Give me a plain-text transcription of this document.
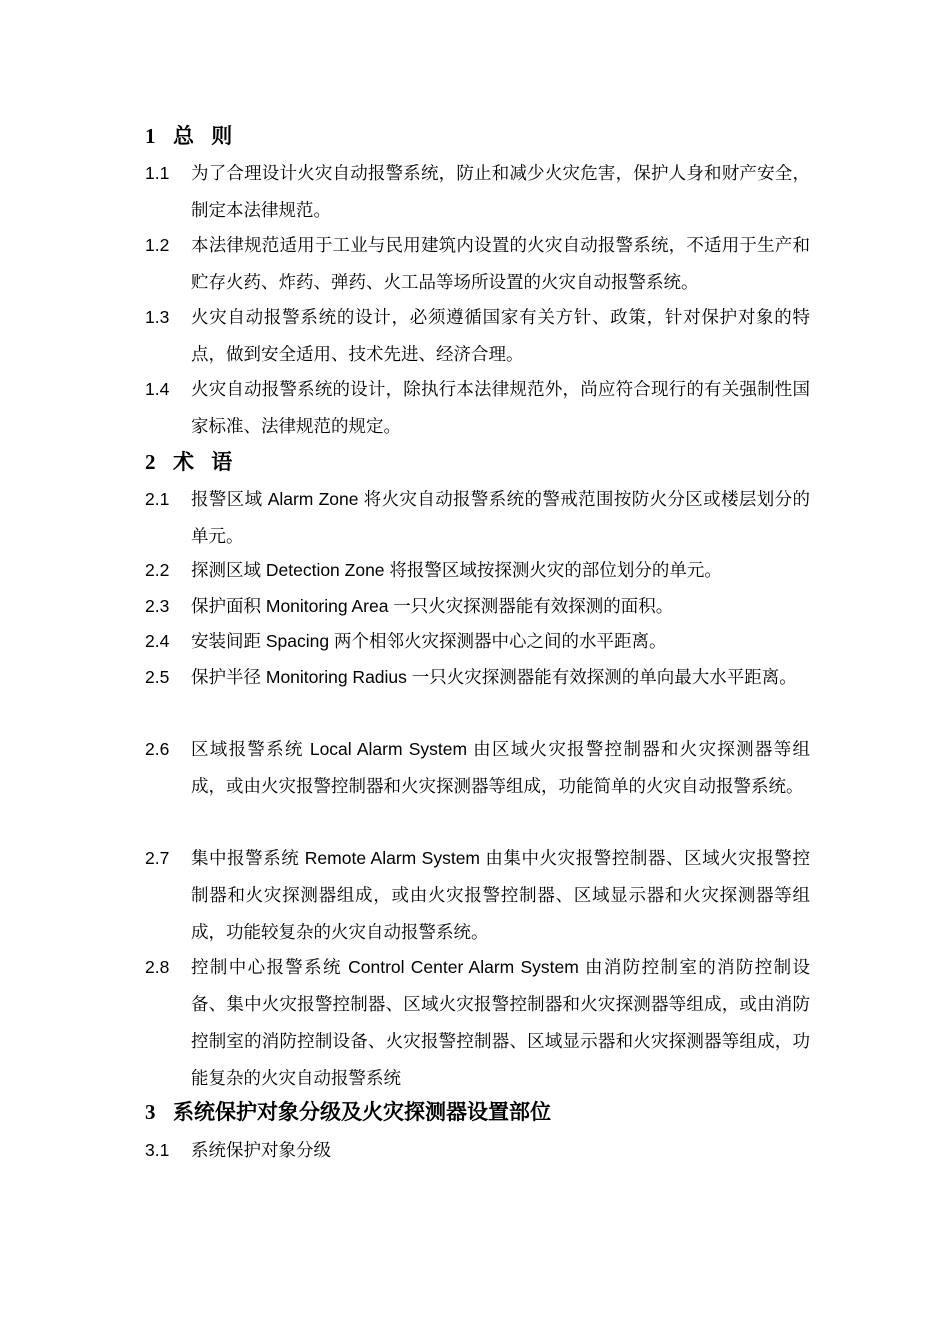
1 总 则
1.1	为了合理设计火灾自动报警系统，防止和减少火灾危害，保护人身和财产安全，制定本法律规范。
1.2	本法律规范适用于工业与民用建筑内设置的火灾自动报警系统，不适用于生产和贮存火药、炸药、弹药、火工品等场所设置的火灾自动报警系统。
1.3	火灾自动报警系统的设计，必须遵循国家有关方针、政策，针对保护对象的特点，做到安全适用、技术先进、经济合理。
1.4	火灾自动报警系统的设计，除执行本法律规范外，尚应符合现行的有关强制性国家标准、法律规范的规定。
2 术 语
2.1	报警区域 Alarm Zone 将火灾自动报警系统的警戒范围按防火分区或楼层划分的单元。
2.2	探测区域 Detection Zone 将报警区域按探测火灾的部位划分的单元。
2.3	保护面积 Monitoring Area 一只火灾探测器能有效探测的面积。
2.4	安装间距 Spacing 两个相邻火灾探测器中心之间的水平距离。
2.5	保护半径 Monitoring Radius 一只火灾探测器能有效探测的单向最大水平距离。
2.6	区域报警系统 Local Alarm System 由区域火灾报警控制器和火灾探测器等组成，或由火灾报警控制器和火灾探测器等组成，功能简单的火灾自动报警系统。
2.7	集中报警系统 Remote Alarm System 由集中火灾报警控制器、区域火灾报警控制器和火灾探测器组成，或由火灾报警控制器、区域显示器和火灾探测器等组成，功能较复杂的火灾自动报警系统。
2.8	控制中心报警系统 Control Center Alarm System 由消防控制室的消防控制设备、集中火灾报警控制器、区域火灾报警控制器和火灾探测器等组成，或由消防控制室的消防控制设备、火灾报警控制器、区域显示器和火灾探测器等组成，功能复杂的火灾自动报警系统
3 系统保护对象分级及火灾探测器设置部位
3.1	系统保护对象分级
